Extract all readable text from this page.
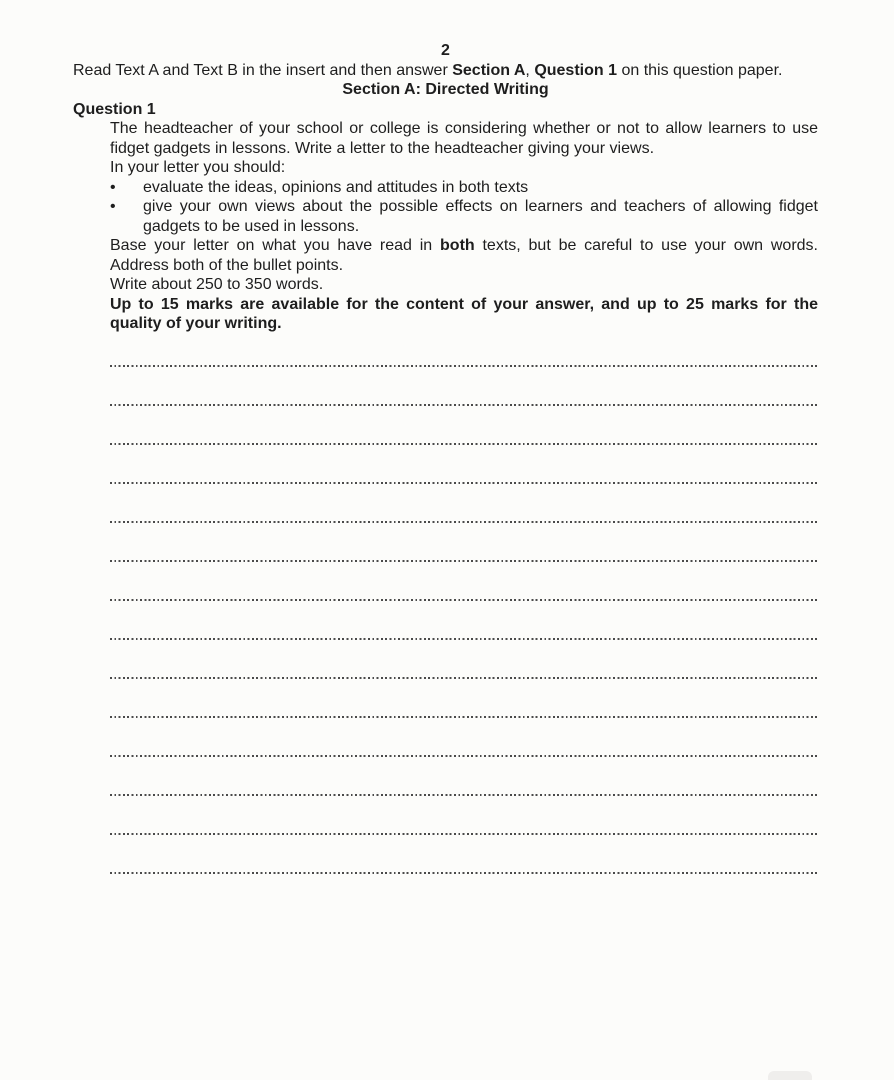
2

Read Text A and Text B in the insert and then answer Section A, Question 1 on this question paper.

Section A: Directed Writing
Question 1

The headteacher of your school or college is considering whether or not to allow learners to use fidget gadgets in lessons. Write a letter to the headteacher giving your views.

In your letter you should:

•	evaluate the ideas, opinions and attitudes in both texts
•	give your own views about the possible effects on learners and teachers of allowing fidget gadgets to be used in lessons.

Base your letter on what you have read in both texts, but be careful to use your own words. Address both of the bullet points.

Write about 250 to 350 words.

Up to 15 marks are available for the content of your answer, and up to 25 marks for the quality of your writing.
